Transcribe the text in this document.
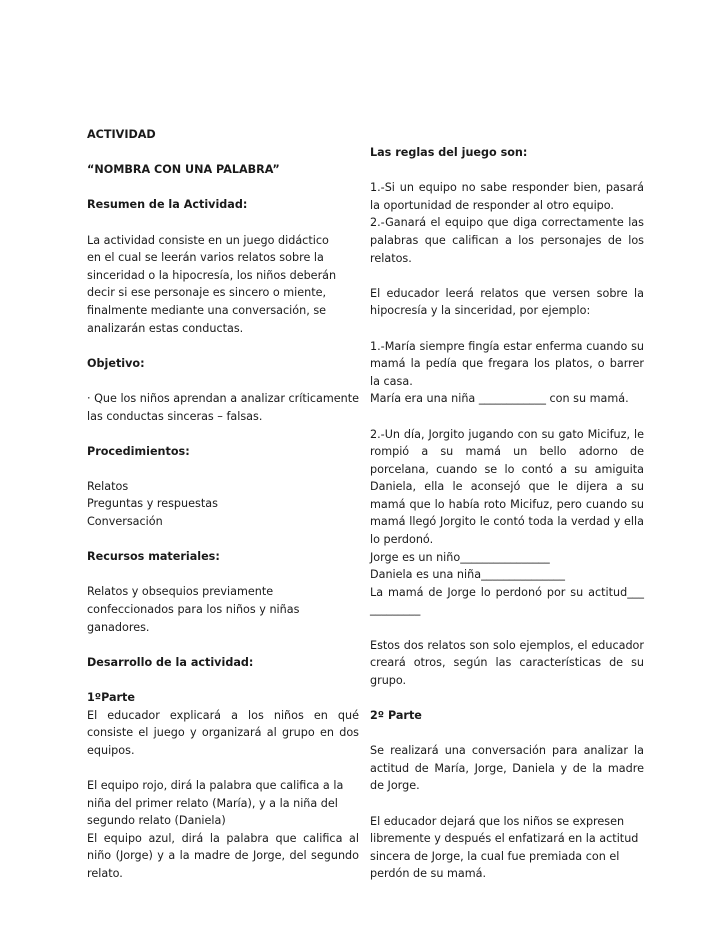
ACTIVIDAD

“NOMBRA CON UNA PALABRA”

Resumen de la Actividad:

La actividad consiste en un juego didáctico

en el cual se leerán varios relatos sobre la

sinceridad o la hipocresía, los niños deberán

decir si ese personaje es sincero o miente,

finalmente mediante una conversación, se

analizarán estas conductas.

Objetivo:

· Que los niños aprendan a analizar críticamente las conductas sinceras – falsas.

Procedimientos:

Relatos

Preguntas y respuestas

Conversación

Recursos materiales:

Relatos y obsequios previamente

confeccionados para los niños y niñas

ganadores.

Desarrollo de la actividad:

1ºParte

El educador explicará a los niños en qué consiste el juego y organizará al grupo en dos equipos.

El equipo rojo, dirá la palabra que califica a la

niña del primer relato (María), y a la niña del

segundo relato (Daniela)

El equipo azul, dirá la palabra que califica al niño (Jorge) y a la madre de Jorge, del segundo relato.

Las reglas del juego son:

1.-Si un equipo no sabe responder bien, pasará la oportunidad de responder al otro equipo.

2.-Ganará el equipo que diga correctamente las palabras que califican a los personajes de los relatos.

El educador leerá relatos que versen sobre la hipocresía y la sinceridad, por ejemplo:

1.-María siempre fingía estar enferma cuando su mamá la pedía que fregara los platos, o barrer la casa.

María era una niña ____________ con su mamá.

2.-Un día, Jorgito jugando con su gato Micifuz, le rompió a su mamá un bello adorno de porcelana, cuando se lo contó a su amiguita Daniela, ella le aconsejó que le dijera a su mamá que lo había roto Micifuz, pero cuando su mamá llegó Jorgito le contó toda la verdad y ella lo perdonó.

Jorge es un niño________________

Daniela es una niña_______________

La mamá de Jorge lo perdonó por su actitud___ _________

Estos dos relatos son solo ejemplos, el educador creará otros, según las características de su grupo.

2º Parte

Se realizará una conversación para analizar la actitud de María, Jorge, Daniela y de la madre de Jorge.

El educador dejará que los niños se expresen

libremente y después el enfatizará en la actitud

sincera de Jorge, la cual fue premiada con el

perdón de su mamá.
